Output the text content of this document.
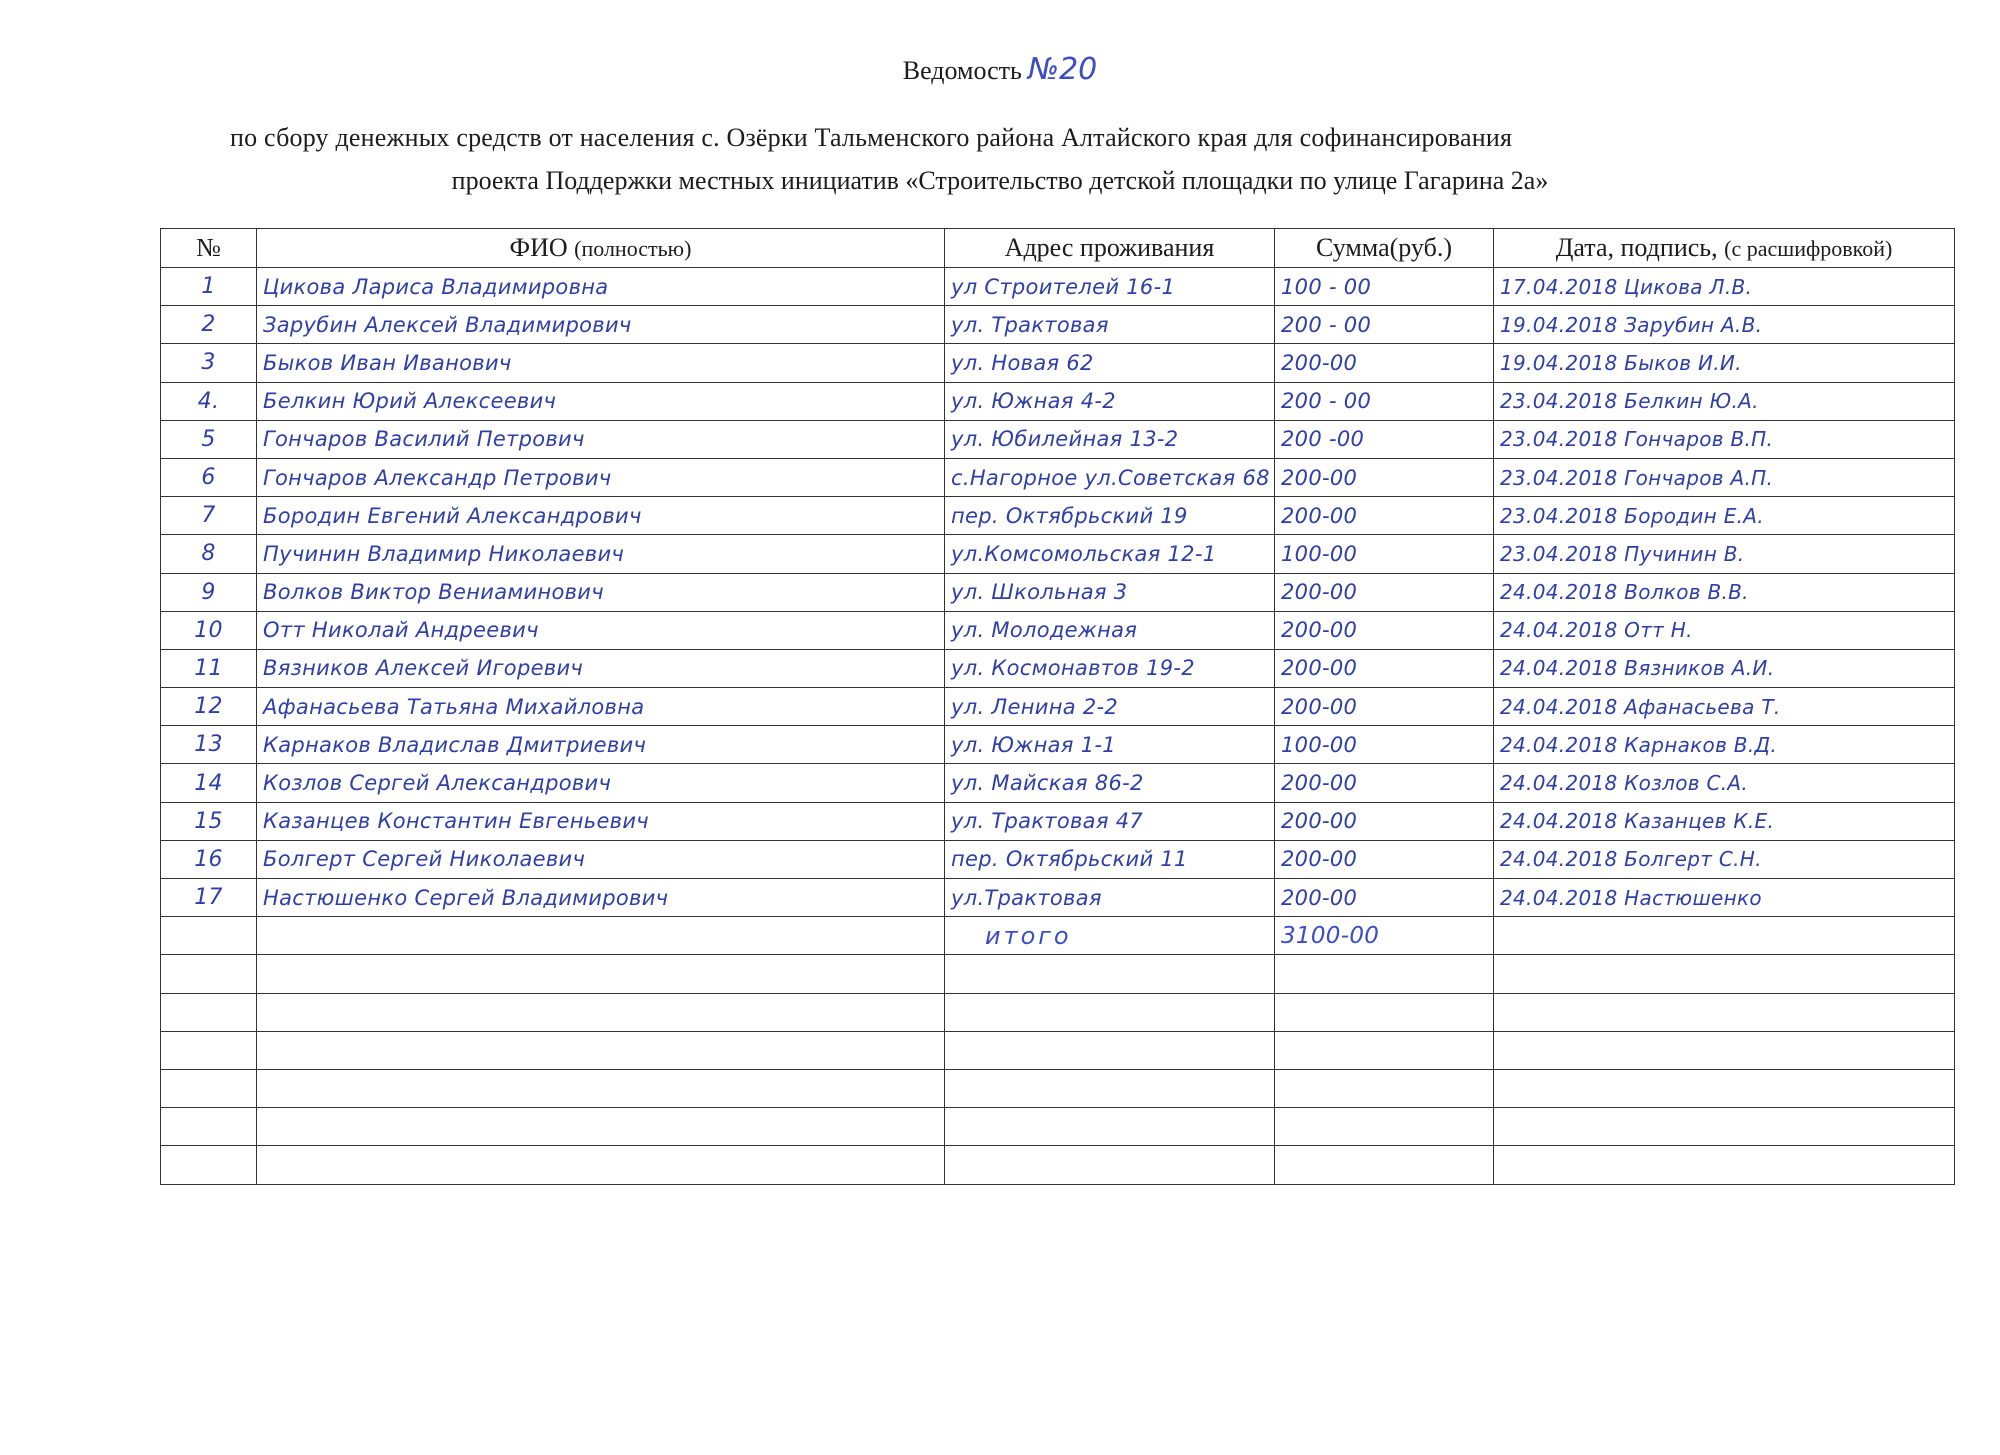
Ведомость №20
по сбору денежных средств от населения с. Озёрки Тальменского района Алтайского края для софинансирования
проекта Поддержки местных инициатив «Строительство детской площадки по улице Гагарина 2а»
№	ФИО (полностью)	Адрес проживания	Сумма(руб.)	Дата, подпись, (с расшифровкой)

1	Цикова Лариса Владимировна	ул Строителей 16-1	100 - 00	17.04.2018 Цикова Л.В.

2	Зарубин Алексей Владимирович	ул. Трактовая	200 - 00	19.04.2018 Зарубин А.В.

3	Быков Иван Иванович	ул. Новая 62	200-00	19.04.2018 Быков И.И.

4.	Белкин Юрий Алексеевич	ул. Южная 4-2	200 - 00	23.04.2018 Белкин Ю.А.

5	Гончаров Василий Петрович	ул. Юбилейная 13-2	200 -00	23.04.2018 Гончаров В.П.

6	Гончаров Александр Петрович	с.Нагорное ул.Советская 68	200-00	23.04.2018 Гончаров А.П.

7	Бородин Евгений Александрович	пер. Октябрьский 19	200-00	23.04.2018 Бородин Е.А.

8	Пучинин Владимир Николаевич	ул.Комсомольская 12-1	100-00	23.04.2018 Пучинин В.

9	Волков Виктор Вениаминович	ул. Школьная 3	200-00	24.04.2018 Волков В.В.

10	Отт Николай Андреевич	ул. Молодежная	200-00	24.04.2018 Отт Н.

11	Вязников Алексей Игоревич	ул. Космонавтов 19-2	200-00	24.04.2018 Вязников А.И.

12	Афанасьева Татьяна Михайловна	ул. Ленина 2-2	200-00	24.04.2018 Афанасьева Т.

13	Карнаков Владислав Дмитриевич	ул. Южная 1-1	100-00	24.04.2018 Карнаков В.Д.

14	Козлов Сергей Александрович	ул. Майская 86-2	200-00	24.04.2018 Козлов С.А.

15	Казанцев Константин Евгеньевич	ул. Трактовая 47	200-00	24.04.2018 Казанцев К.Е.

16	Болгерт Сергей Николаевич	пер. Октябрьский 11	200-00	24.04.2018 Болгерт С.Н.

17	Настюшенко Сергей Владимирович	ул.Трактовая	200-00	24.04.2018 Настюшенко

		итого	3100-00	
